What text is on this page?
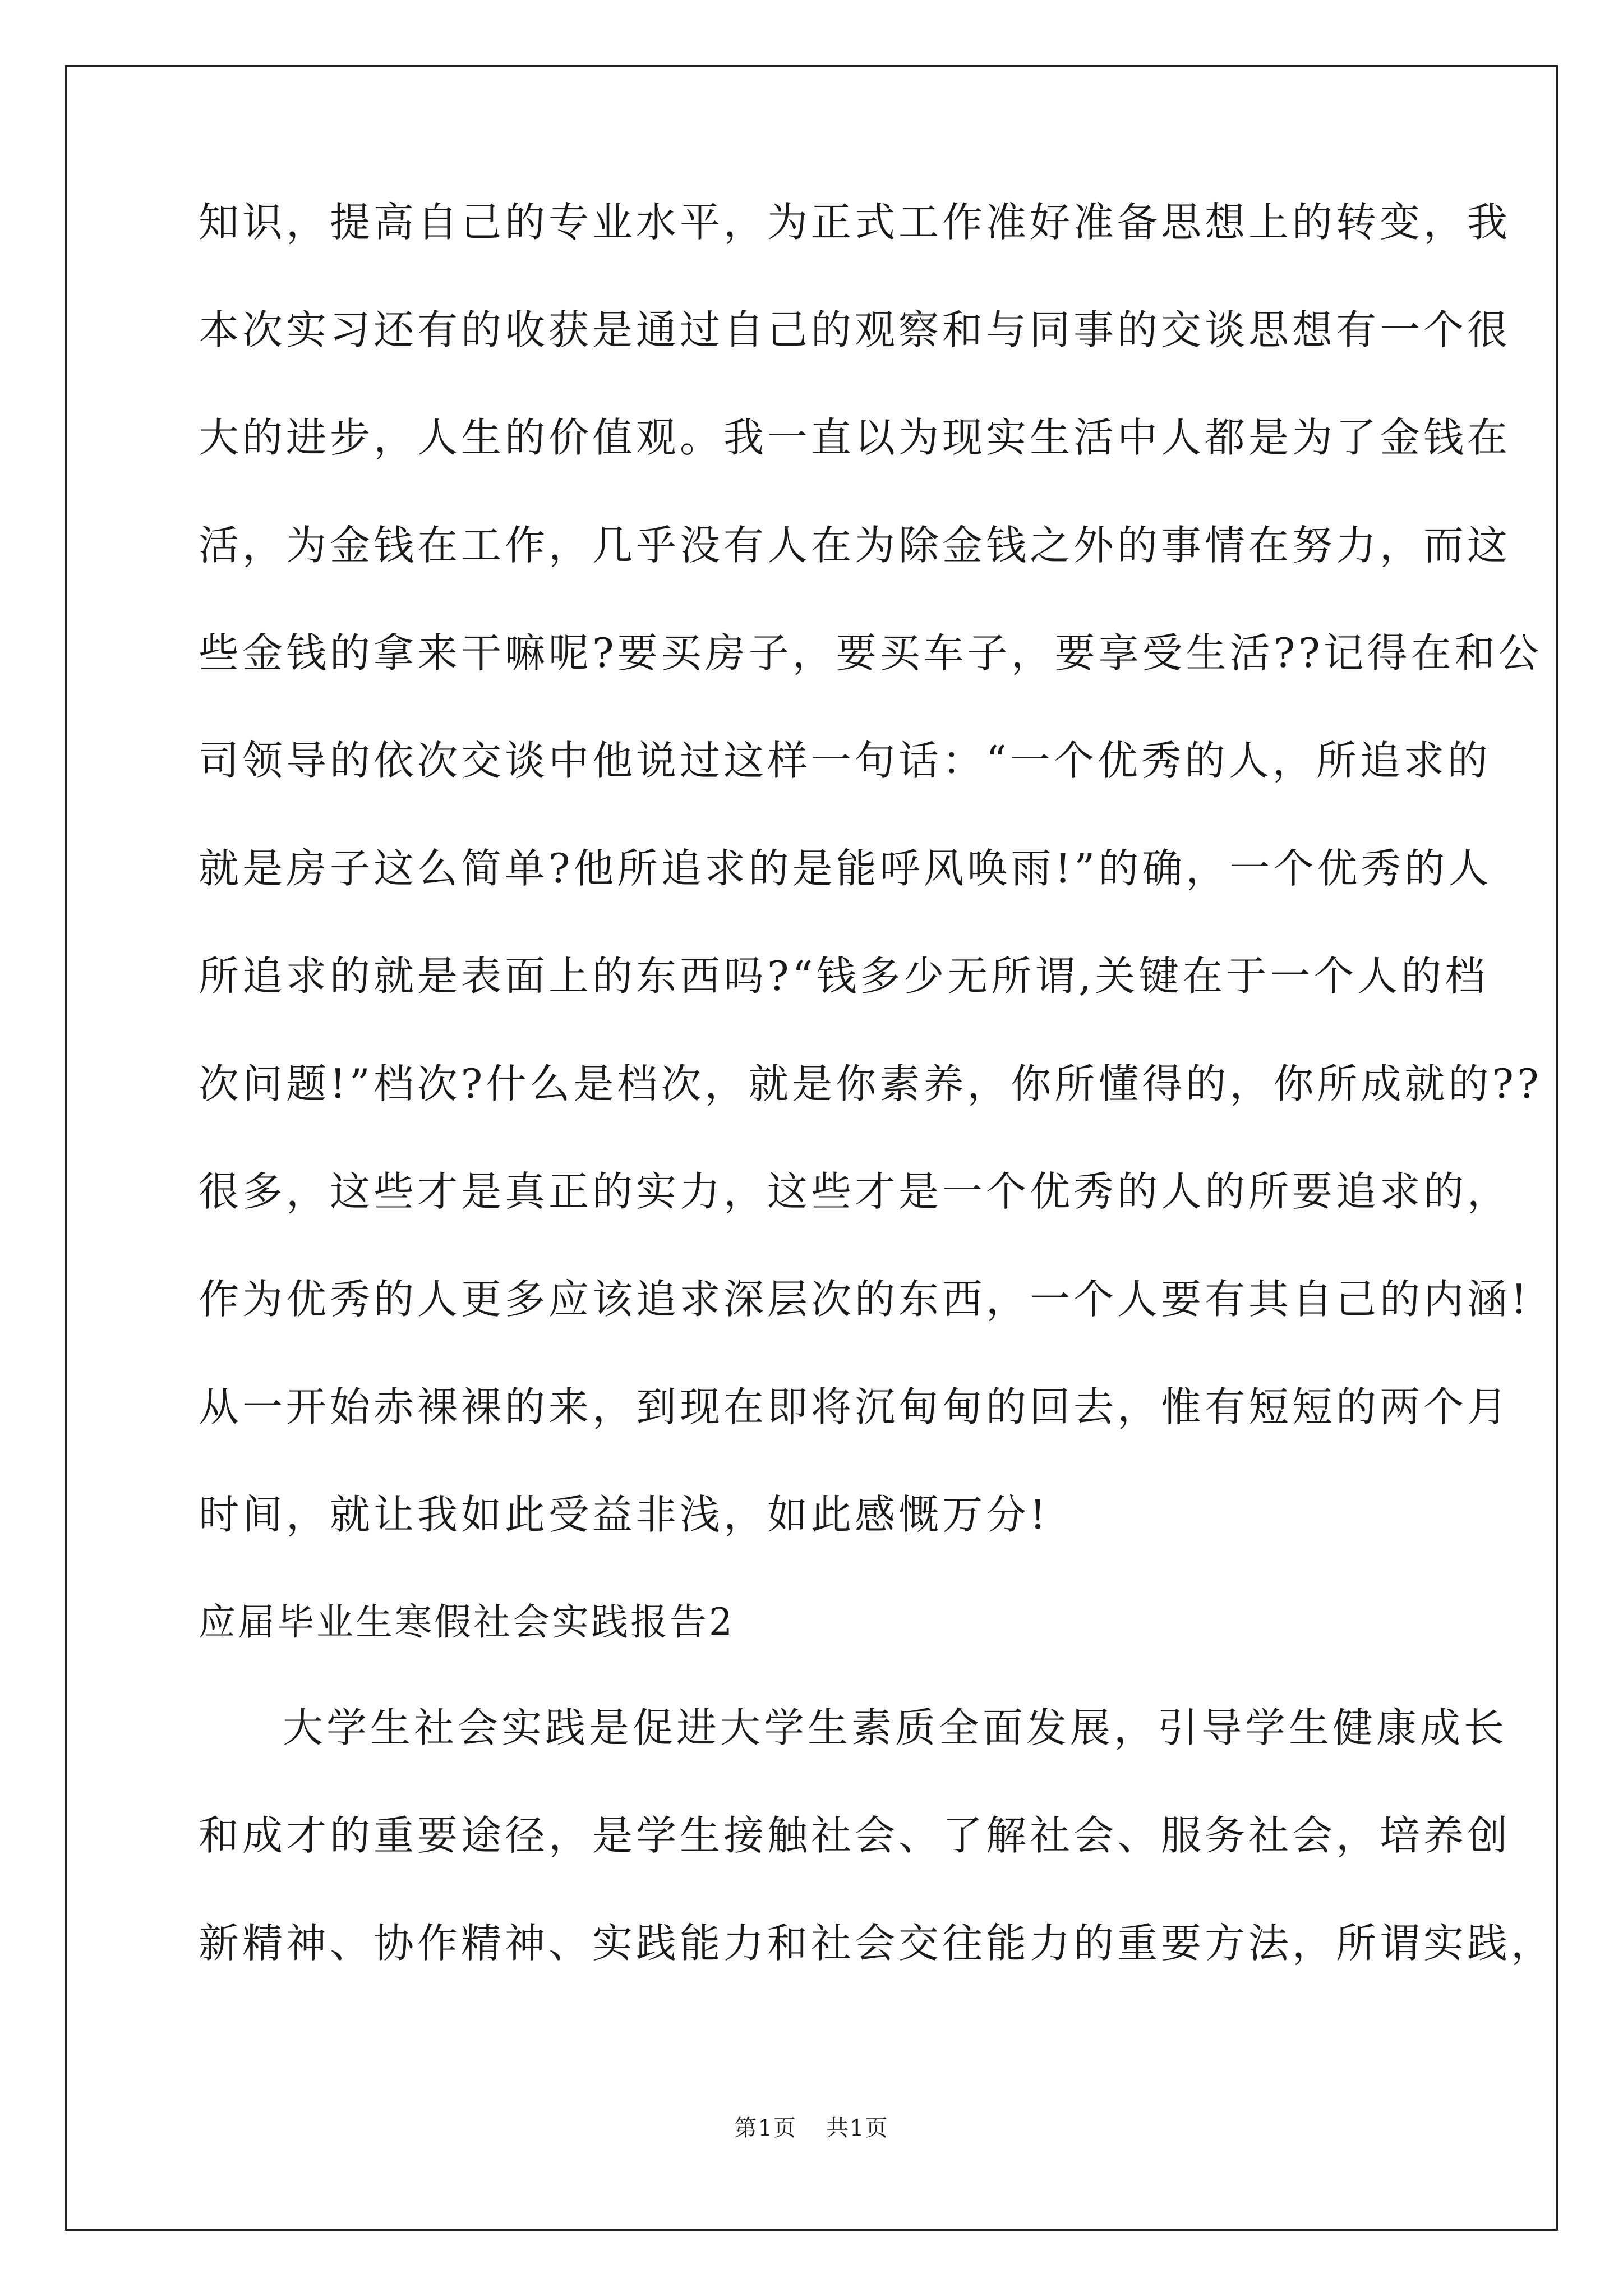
知识，提高自己的专业水平，为正式工作准好准备思想上的转变，我
本次实习还有的收获是通过自己的观察和与同事的交谈思想有一个很
大的进步，人生的价值观。我一直以为现实生活中人都是为了金钱在
活，为金钱在工作，几乎没有人在为除金钱之外的事情在努力，而这
些金钱的拿来干嘛呢?要买房子，要买车子，要享受生活??记得在和公
司领导的依次交谈中他说过这样一句话：“一个优秀的人，所追求的
就是房子这么简单?他所追求的是能呼风唤雨!”的确，一个优秀的人
所追求的就是表面上的东西吗?“钱多少无所谓,关键在于一个人的档
次问题!”档次?什么是档次，就是你素养，你所懂得的，你所成就的??
很多，这些才是真正的实力，这些才是一个优秀的人的所要追求的，
作为优秀的人更多应该追求深层次的东西，一个人要有其自己的内涵!
从一开始赤裸裸的来，到现在即将沉甸甸的回去，惟有短短的两个月
时间，就让我如此受益非浅，如此感慨万分!
应届毕业生寒假社会实践报告2
大学生社会实践是促进大学生素质全面发展，引导学生健康成长
和成才的重要途径，是学生接触社会、了解社会、服务社会，培养创
新精神、协作精神、实践能力和社会交往能力的重要方法，所谓实践，
第1页 共1页
